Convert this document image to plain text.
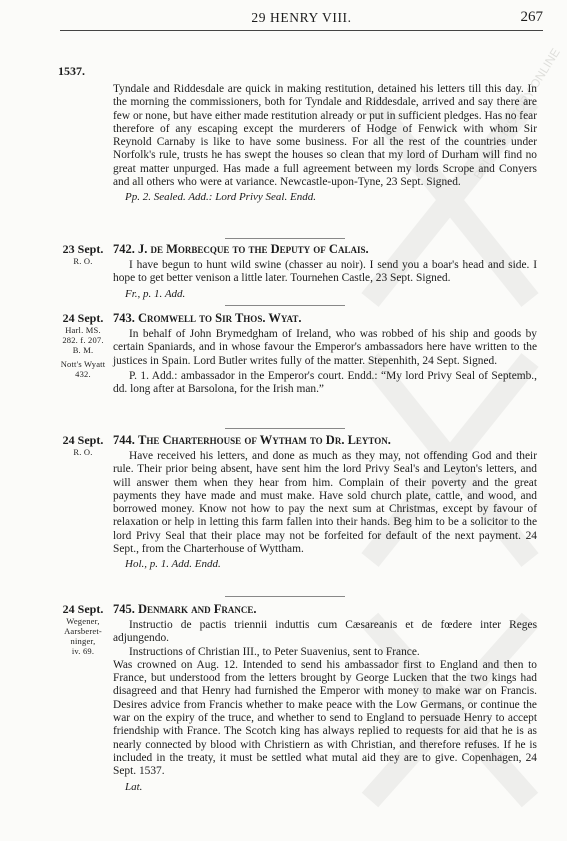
BRITISH HISTORY ONLINE
29 HENRY VIII.	267
1537.

Tyndale and Riddesdale are quick in making restitution, detained his letters till this day. In the morning the commissioners, both for Tyndale and Riddesdale, arrived and say there are few or none, but have either made restitution already or put in sufficient pledges. Has no fear therefore of any escaping except the murderers of Hodge of Fenwick with whom Sir Reynold Carnaby is like to have some business. For all the rest of the countries under Norfolk's rule, trusts he has swept the houses so clean that my lord of Durham will find no great matter unpurged. Has made a full agreement between my lords Scrope and Conyers and all others who were at variance. Newcastle-upon-Tyne, 23 Sept. Signed.

Pp. 2. Sealed. Add.: Lord Privy Seal. Endd.
23 Sept.
R. O.
742. J. de Morbecque to the Deputy of Calais.

I have begun to hunt wild swine (chasser au noir). I send you a boar's head and side. I hope to get better venison a little later. Tournehen Castle, 23 Sept. Signed.

Fr., p. 1. Add.
24 Sept.
Harl. MS.
282. f. 207.
B. M.
Nott's Wyatt
432.
743. Cromwell to Sir Thos. Wyat.

In behalf of John Brymedgham of Ireland, who was robbed of his ship and goods by certain Spaniards, and in whose favour the Emperor's ambassadors here have written to the justices in Spain. Lord Butler writes fully of the matter. Stepenhith, 24 Sept. Signed.

P. 1. Add.: ambassador in the Emperor's court. Endd.: “My lord Privy Seal of Septemb., dd. long after at Barsolona, for the Irish man.”

24 Sept.
R. O.
744. The Charterhouse of Wytham to Dr. Leyton.

Have received his letters, and done as much as they may, not offending God and their rule. Their prior being absent, have sent him the lord Privy Seal's and Leyton's letters, and will answer them when they hear from him. Complain of their poverty and the great payments they have made and must make. Have sold church plate, cattle, and wood, and borrowed money. Know not how to pay the next sum at Christmas, except by favour of relaxation or help in letting this farm fallen into their hands. Beg him to be a solicitor to the lord Privy Seal that their place may not be forfeited for default of the next payment. 24 Sept., from the Charterhouse of Wyttham.

Hol., p. 1. Add. Endd.
24 Sept.
Wegener,
Aarsberet-
ninger,
iv. 69.
745. Denmark and France.

Instructio de pactis triennii induttis cum Cæsareanis et de fœdere inter Reges adjungendo.

Instructions of Christian III., to Peter Suavenius, sent to France.

Was crowned on Aug. 12. Intended to send his ambassador first to England and then to France, but understood from the letters brought by George Lucken that the two kings had disagreed and that Henry had furnished the Emperor with money to make war on Francis. Desires advice from Francis whether to make peace with the Low Germans, or continue the war on the expiry of the truce, and whether to send to England to persuade Henry to accept friendship with France. The Scotch king has always replied to requests for aid that he is as nearly connected by blood with Christiern as with Christian, and therefore refuses. If he is included in the treaty, it must be settled what mutal aid they are to give. Copenhagen, 24 Sept. 1537.

Lat.
